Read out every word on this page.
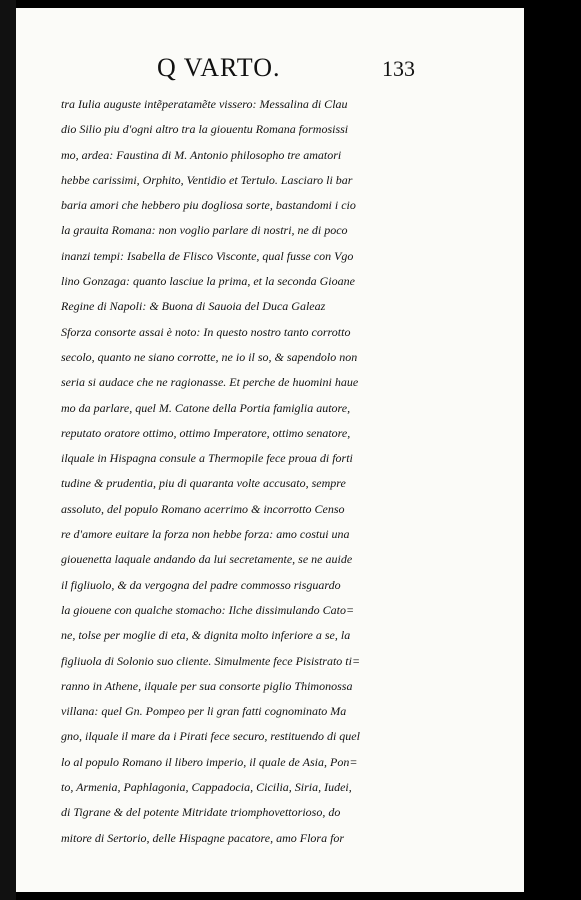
Q VARTO.	133
tra Iulia auguste intẽperatamẽte vissero: Messalina di Clau
dio Silio piu d'ogni altro tra la giouentu Romana formosissi
mo, ardea: Faustina di M. Antonio philosopho tre amatori
hebbe carissimi, Orphito, Ventidio et Tertulo. Lasciaro li bar
baria amori che hebbero piu dogliosa sorte, bastandomi i cio
la grauita Romana: non voglio parlare di nostri, ne di poco
inanzi tempi: Isabella de Flisco Visconte, qual fusse con Vgo
lino Gonzaga: quanto lasciue la prima, et la seconda Gioane
Regine di Napoli: & Buona di Sauoia del Duca Galeaz
Sforza consorte assai è noto: In questo nostro tanto corrotto
secolo, quanto ne siano corrotte, ne io il so, & sapendolo non
seria si audace che ne ragionasse. Et perche de huomini haue
mo da parlare, quel M. Catone della Portia famiglia autore,
reputato oratore ottimo, ottimo Imperatore, ottimo senatore,
ilquale in Hispagna consule a Thermopile fece proua di forti
tudine & prudentia, piu di quaranta volte accusato, sempre
assoluto, del populo Romano acerrimo & incorrotto Censo
re d'amore euitare la forza non hebbe forza: amo costui una
giouenetta laquale andando da lui secretamente, se ne auide
il figliuolo, & da vergogna del padre commosso risguardo
la giouene con qualche stomacho: Ilche dissimulando Cato=
ne, tolse per moglie di eta, & dignita molto inferiore a se, la
figliuola di Solonio suo cliente. Simulmente fece Pisistrato ti=
ranno in Athene, ilquale per sua consorte piglio Thimonossa
villana: quel Gn. Pompeo per li gran fatti cognominato Ma
gno, ilquale il mare da i Pirati fece securo, restituendo di quel
lo al populo Romano il libero imperio, il quale de Asia, Pon=
to, Armenia, Paphlagonia, Cappadocia, Cicilia, Siria, Iudei,
di Tigrane & del potente Mitridate triomphovettorioso, do
mitore di Sertorio, delle Hispagne pacatore, amo Flora for
